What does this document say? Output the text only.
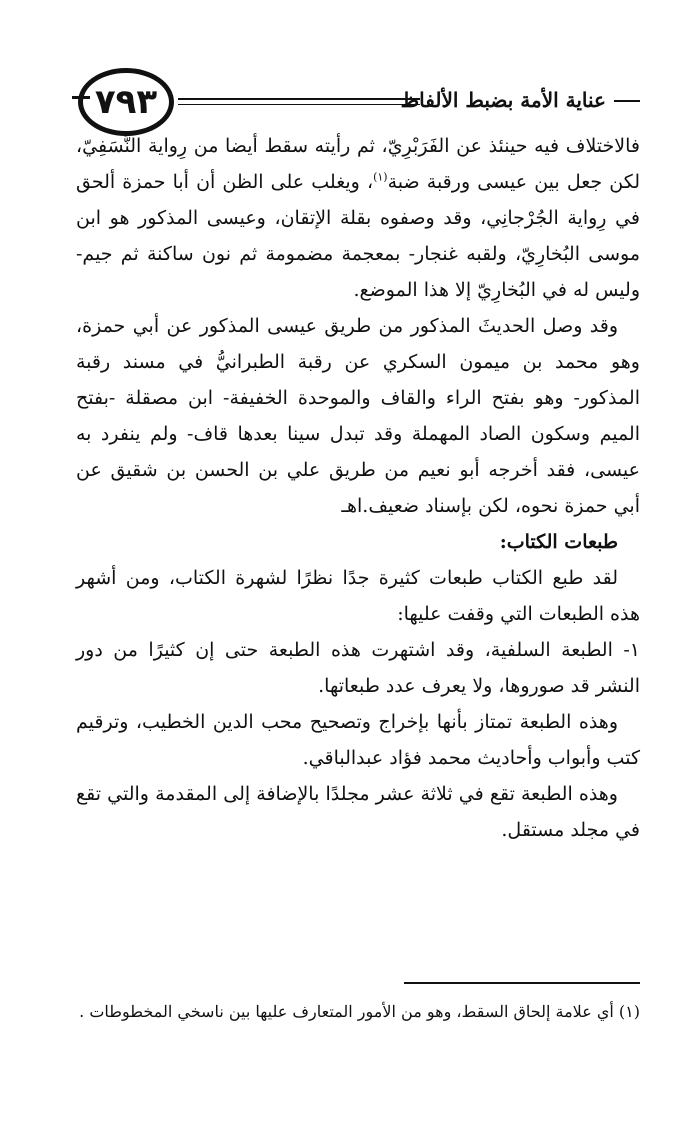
٧٩٣	عناية الأمة بضبط الألفاظ

فالاختلاف فيه حينئذ عن الفَرَبْرِيّ، ثم رأيته سقط أيضا من رِواية النَّسَفِيّ، لكن جعل بين عيسى ورقبة ضبة$^{(١)}$، ويغلب على الظن أن أبا حمزة ألحق في رِواية الجُرْجانِي، وقد وصفوه بقلة الإتقان، وعيسى المذكور هو ابن موسى البُخارِيّ، ولقبه غنجار- بمعجمة مضمومة ثم نون ساكنة ثم جيم- وليس له في البُخارِيّ إلا هذا الموضع.

وقد وصل الحديثَ المذكور من طريق عيسى المذكور عن أبي حمزة، وهو محمد بن ميمون السكري عن رقبة الطبرانيُّ في مسند رقبة المذكور- وهو بفتح الراء والقاف والموحدة الخفيفة- ابن مصقلة -بفتح الميم وسكون الصاد المهملة وقد تبدل سينا بعدها قاف- ولم ينفرد به عيسى، فقد أخرجه أبو نعيم من طريق علي بن الحسن بن شقيق عن أبي حمزة نحوه، لكن بإسناد ضعيف.اهـ

طبعات الكتاب:

لقد طبع الكتاب طبعات كثيرة جدًا نظرًا لشهرة الكتاب، ومن أشهر هذه الطبعات التي وقفت عليها:

١- الطبعة السلفية، وقد اشتهرت هذه الطبعة حتى إن كثيرًا من دور النشر قد صوروها، ولا يعرف عدد طبعاتها.

وهذه الطبعة تمتاز بأنها بإخراج وتصحيح محب الدين الخطيب، وترقيم كتب وأبواب وأحاديث محمد فؤاد عبدالباقي.

وهذه الطبعة تقع في ثلاثة عشر مجلدًا بالإضافة إلى المقدمة والتي تقع في مجلد مستقل.

(١) أي علامة إلحاق السقط، وهو من الأمور المتعارف عليها بين ناسخي المخطوطات .
